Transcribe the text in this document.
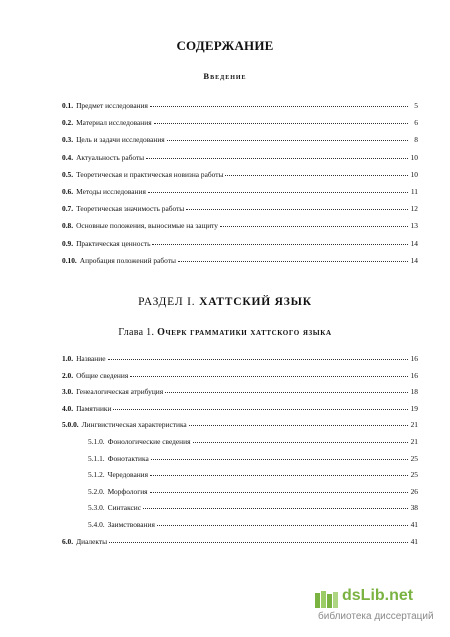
СОДЕРЖАНИЕ
Введение
0.1. Предмет исследования	5
0.2. Материал исследования	6
0.3. Цель и задачи исследования	8
0.4. Актуальность работы	10
0.5. Теоретическая и практическая новизна работы	10
0.6. Методы исследования	11
0.7. Теоретическая значимость работы	12
0.8. Основные положения, выносимые на защиту	13
0.9. Практическая ценность	14
0.10. Апробация положений работы	14
РАЗДЕЛ I. ХАТТСКИЙ ЯЗЫК
Глава 1. Очерк грамматики хаттского языка
1.0. Название	16
2.0. Общие сведения	16
3.0. Генеалогическая атрибуция	18
4.0. Памятники	19
5.0.0. Лингвистическая характеристика	21
5.1.0. Фонологические сведения	21
5.1.1. Фонотактика	25
5.1.2. Чередования	25
5.2.0. Морфология	26
5.3.0. Синтаксис	38
5.4.0. Заимствования	41
6.0. Диалекты	41
dsLib.net
библиотека диссертаций
